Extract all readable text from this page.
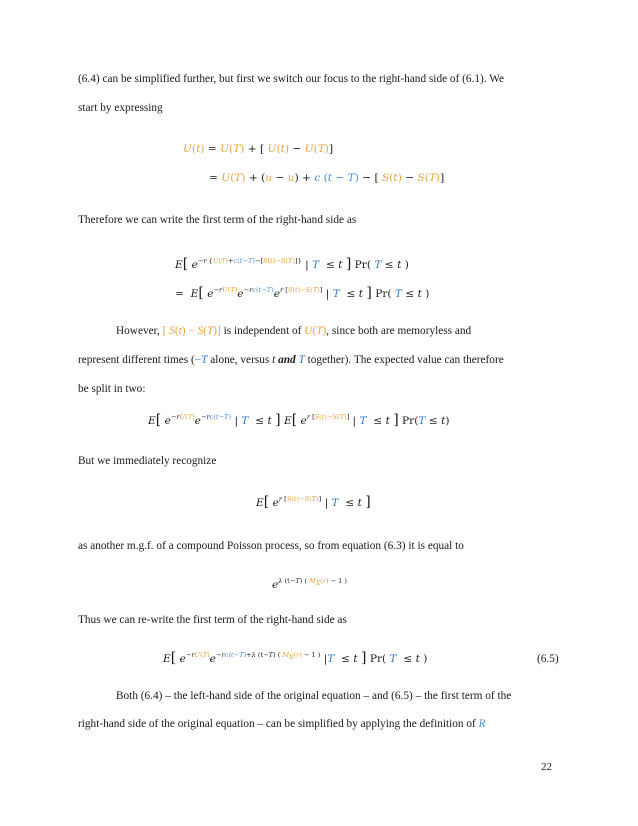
(6.4) can be simplified further, but first we switch our focus to the right-hand side of (6.1). We
start by expressing
U(t) = U(T) + [ U(t) − U(T)]
= U(T) + (u − u) + c (t − T) − [ S(t) − S(T)]
Therefore we can write the first term of the right-hand side as
E[ $e^{-r \{U(T)+c(t-T)-[S(t)-S(T)]\}}$ | T  ≤ t ] Pr( T ≤ t )
=  E[ $e^{-rU(T)}e^{-rc(t-T)}e^{r [S(t)-S(T)]}$ | T  ≤ t ] Pr( T ≤ t )
However, [ S(t) − S(T)] is independent of U(T), since both are memoryless and
represent different times (−T alone, versus t and T together). The expected value can therefore
be split in two:
E[ $e^{-rU(T)}e^{-rc(t-T)}$ | T  ≤ t ] E[ $e^{r [S(t)-S(T)]}$ | T  ≤ t ] Pr(T ≤ t)
But we immediately recognize
E[ $e^{r [S(t)-S(T)]}$ | T  ≤ t ]
as another m.g.f. of a compound Poisson process, so from equation (6.3) it is equal to
$e^{\lambda (t-T) ( MX(r) - 1 )}$
Thus we can re-write the first term of the right-hand side as
E[ $e^{-rU(T)}e^{-rc(t-T)+\lambda (t-T) ( MX(r) - 1 )}$ |T  ≤ t ] Pr( T  ≤ t )	(6.5)
Both (6.4) – the left-hand side of the original equation – and (6.5) – the first term of the
right-hand side of the original equation – can be simplified by applying the definition of R
22
